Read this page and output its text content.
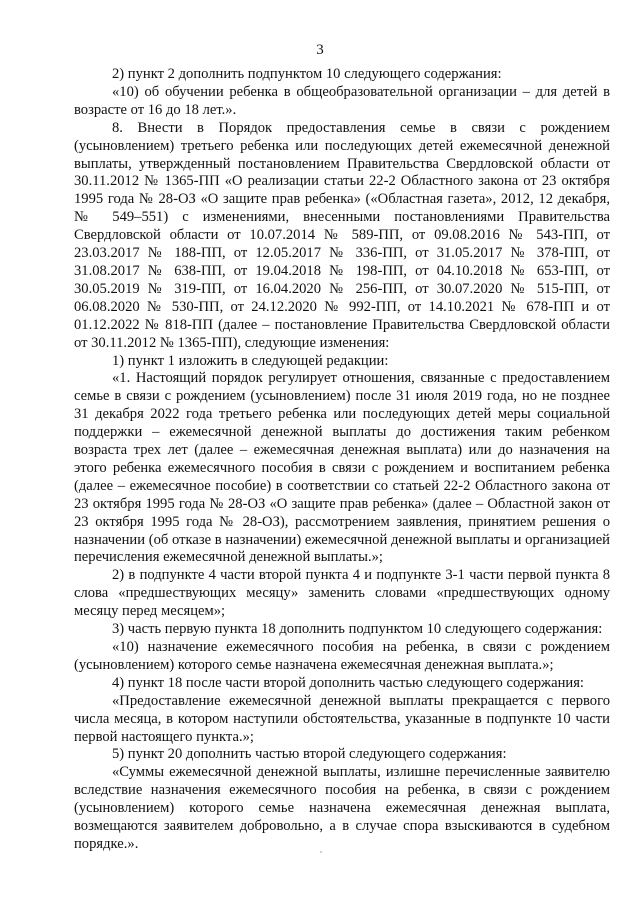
3

2) пункт 2 дополнить подпунктом 10 следующего содержания:

«10) об обучении ребенка в общеобразовательной организации – для детей в возрасте от 16 до 18 лет.».

8. Внести в Порядок предоставления семье в связи с рождением (усыновлением) третьего ребенка или последующих детей ежемесячной денежной выплаты, утвержденный постановлением Правительства Свердловской области от 30.11.2012 № 1365-ПП «О реализации статьи 22-2 Областного закона от 23 октября 1995 года № 28-ОЗ «О защите прав ребенка» («Областная газета», 2012, 12 декабря, № 549–551) с изменениями, внесенными постановлениями Правительства Свердловской области от 10.07.2014 № 589-ПП, от 09.08.2016 № 543-ПП, от 23.03.2017 № 188-ПП, от 12.05.2017 № 336-ПП, от 31.05.2017 № 378-ПП, от 31.08.2017 № 638-ПП, от 19.04.2018 № 198-ПП, от 04.10.2018 № 653-ПП, от 30.05.2019 № 319-ПП, от 16.04.2020 № 256-ПП, от 30.07.2020 № 515-ПП, от 06.08.2020 № 530-ПП, от 24.12.2020 № 992-ПП, от 14.10.2021 № 678-ПП и от 01.12.2022 № 818-ПП (далее – постановление Правительства Свердловской области от 30.11.2012 № 1365-ПП), следующие изменения:

1) пункт 1 изложить в следующей редакции:

«1. Настоящий порядок регулирует отношения, связанные с предоставлением семье в связи с рождением (усыновлением) после 31 июля 2019 года, но не позднее 31 декабря 2022 года третьего ребенка или последующих детей меры социальной поддержки – ежемесячной денежной выплаты до достижения таким ребенком возраста трех лет (далее – ежемесячная денежная выплата) или до назначения на этого ребенка ежемесячного пособия в связи с рождением и воспитанием ребенка (далее – ежемесячное пособие) в соответствии со статьей 22-2 Областного закона от 23 октября 1995 года № 28-ОЗ «О защите прав ребенка» (далее – Областной закон от 23 октября 1995 года № 28-ОЗ), рассмотрением заявления, принятием решения о назначении (об отказе в назначении) ежемесячной денежной выплаты и организацией перечисления ежемесячной денежной выплаты.»;

2) в подпункте 4 части второй пункта 4 и подпункте 3-1 части первой пункта 8 слова «предшествующих месяцу» заменить словами «предшествующих одному месяцу перед месяцем»;

3) часть первую пункта 18 дополнить подпунктом 10 следующего содержания:

«10) назначение ежемесячного пособия на ребенка, в связи с рождением (усыновлением) которого семье назначена ежемесячная денежная выплата.»;

4) пункт 18 после части второй дополнить частью следующего содержания:

«Предоставление ежемесячной денежной выплаты прекращается с первого числа месяца, в котором наступили обстоятельства, указанные в подпункте 10 части первой настоящего пункта.»;

5) пункт 20 дополнить частью второй следующего содержания:

«Суммы ежемесячной денежной выплаты, излишне перечисленные заявителю вследствие назначения ежемесячного пособия на ребенка, в связи с рождением (усыновлением) которого семье назначена ежемесячная денежная выплата, возмещаются заявителем добровольно, а в случае спора взыскиваются в судебном порядке.».
